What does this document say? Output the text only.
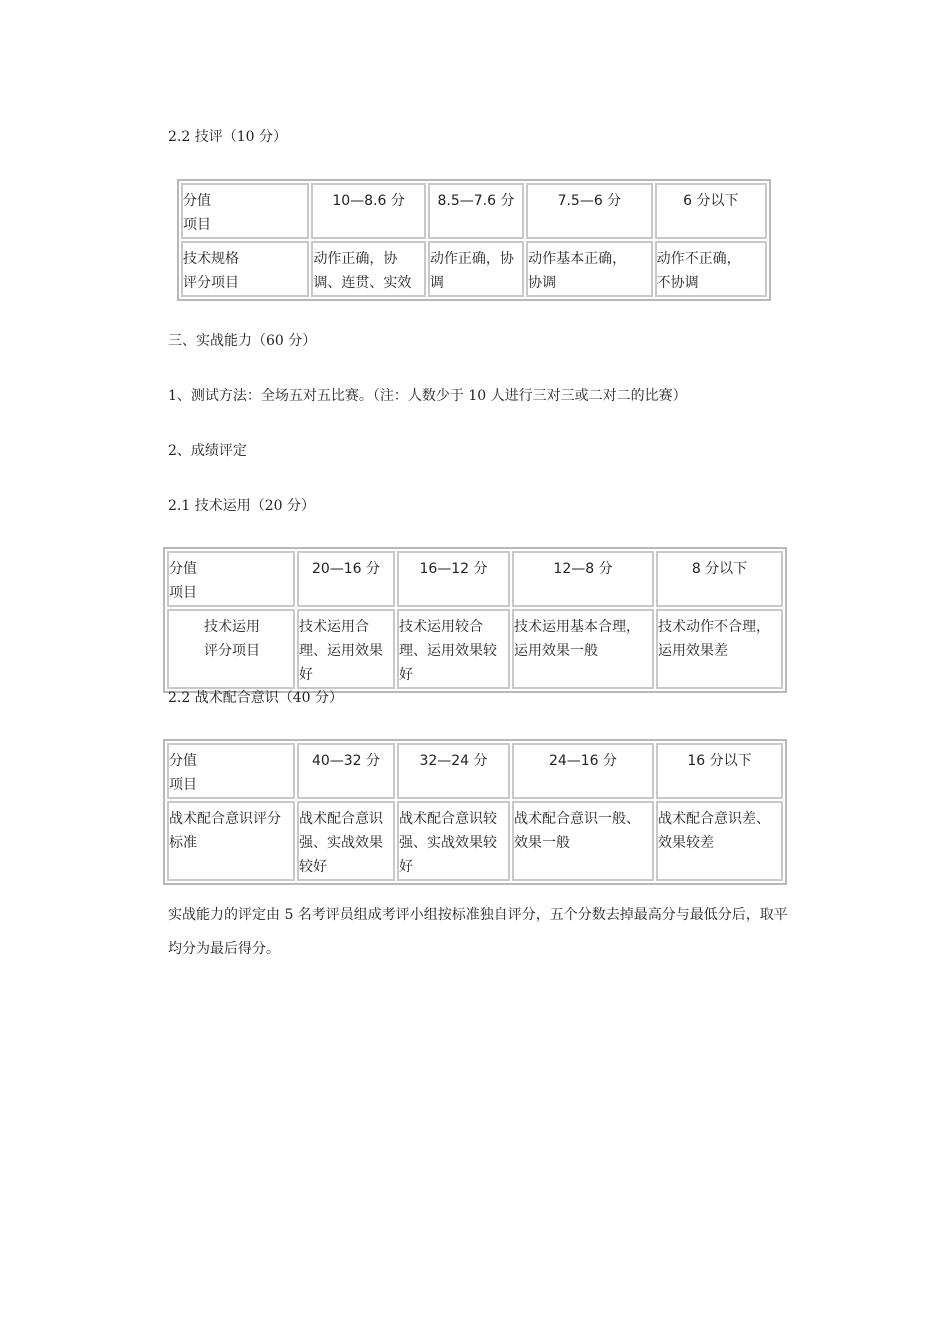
2.2 技评（10 分）
分值
项目	10—8.6 分	8.5—7.6 分	7.5—6 分	6 分以下

技术规格
评分项目	动作正确，协调、连贯、实效	动作正确，协调	动作基本正确，协调	动作不正确，不协调
三、实战能力（60 分）
1、测试方法：全场五对五比赛。（注：人数少于 10 人进行三对三或二对二的比赛）
2、成绩评定
2.1 技术运用（20 分）
分值
项目	20—16 分	16—12 分	12—8 分	8 分以下

技术运用
评分项目	技术运用合理、运用效果好	技术运用较合理、运用效果较好	技术运用基本合理，运用效果一般	技术动作不合理，运用效果差
2.2 战术配合意识（40 分）
分值
项目	40—32 分	32—24 分	24—16 分	16 分以下
战术配合意识评分标准	战术配合意识强、实战效果较好	战术配合意识较强、实战效果较好	战术配合意识一般、效果一般	战术配合意识差、效果较差
实战能力的评定由 5 名考评员组成考评小组按标准独自评分，五个分数去掉最高分与最低分后，取平均分为最后得分。
